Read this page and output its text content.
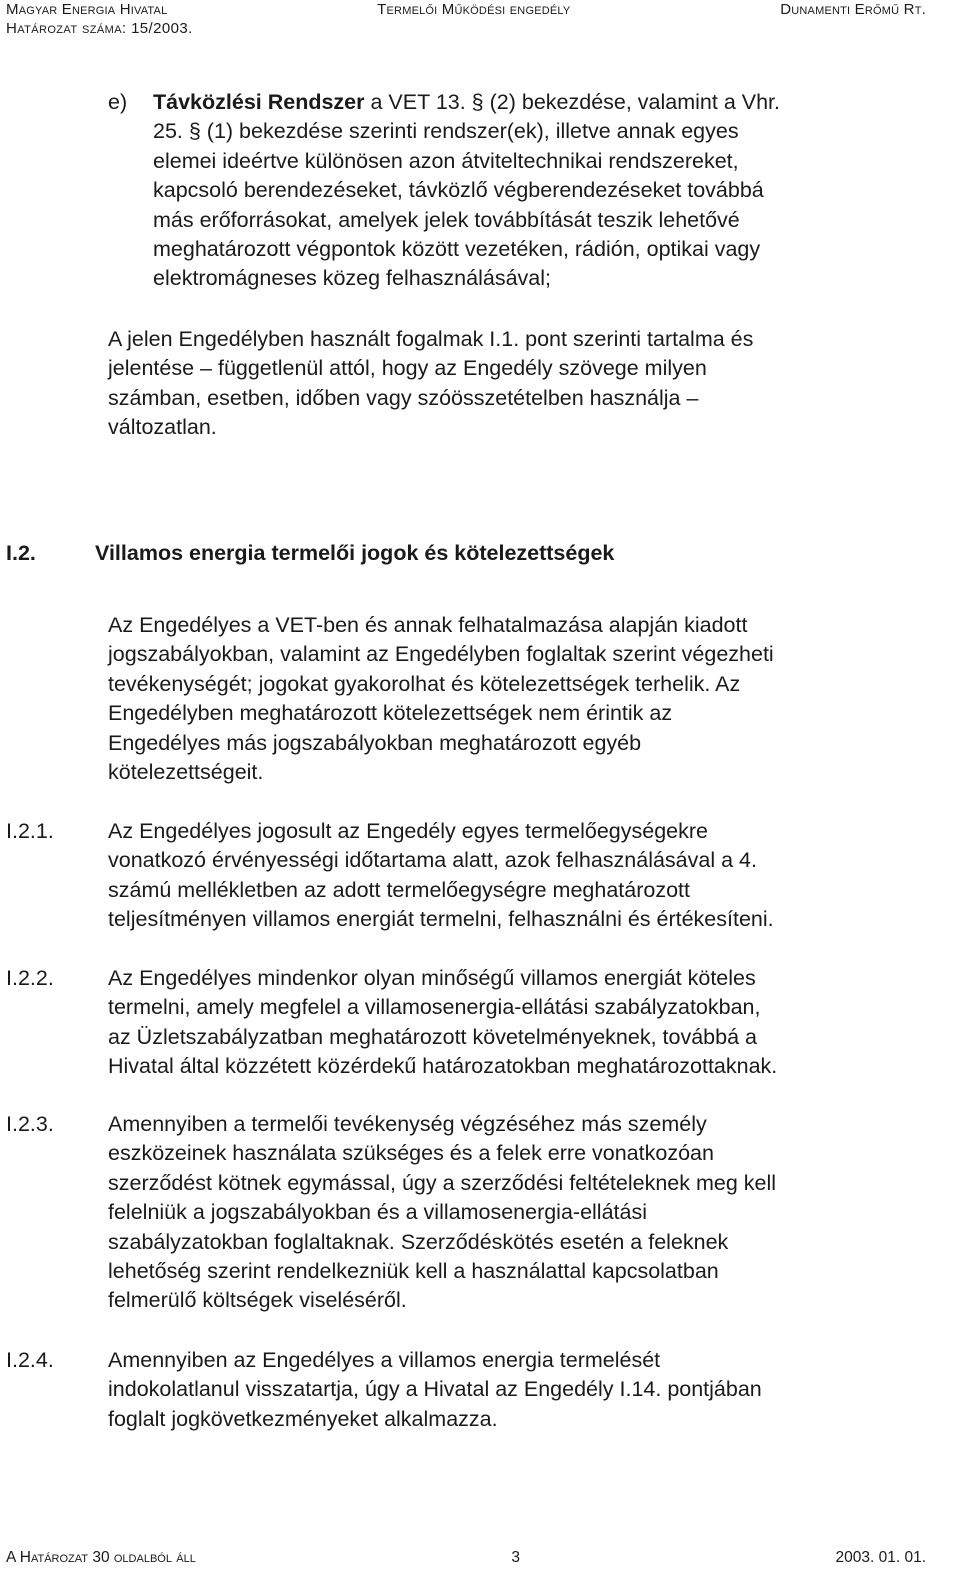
Magyar Energia Hivatal	Termelői Működési engedély	Dunamenti Erőmű Rt.
Határozat száma: 15/2003.
e) Távközlési Rendszer a VET 13. § (2) bekezdése, valamint a Vhr.
25. § (1) bekezdése szerinti rendszer(ek), illetve annak egyes
elemei ideértve különösen azon átviteltechnikai rendszereket,
kapcsoló berendezéseket, távközlő végberendezéseket továbbá
más erőforrásokat, amelyek jelek továbbítását teszik lehetővé
meghatározott végpontok között vezetéken, rádión, optikai vagy
elektromágneses közeg felhasználásával;
A jelen Engedélyben használt fogalmak I.1. pont szerinti tartalma és
jelentése – függetlenül attól, hogy az Engedély szövege milyen
számban, esetben, időben vagy szóösszetételben használja –
változatlan.
I.2.	Villamos energia termelői jogok és kötelezettségek
Az Engedélyes a VET-ben és annak felhatalmazása alapján kiadott
jogszabályokban, valamint az Engedélyben foglaltak szerint végezheti
tevékenységét; jogokat gyakorolhat és kötelezettségek terhelik. Az
Engedélyben meghatározott kötelezettségek nem érintik az
Engedélyes más jogszabályokban meghatározott egyéb
kötelezettségeit.
I.2.1.	Az Engedélyes jogosult az Engedély egyes termelőegységekre
vonatkozó érvényességi időtartama alatt, azok felhasználásával a 4.
számú mellékletben az adott termelőegységre meghatározott
teljesítményen villamos energiát termelni, felhasználni és értékesíteni.
I.2.2.	Az Engedélyes mindenkor olyan minőségű villamos energiát köteles
termelni, amely megfelel a villamosenergia-ellátási szabályzatokban,
az Üzletszabályzatban meghatározott követelményeknek, továbbá a
Hivatal által közzétett közérdekű határozatokban meghatározottaknak.
I.2.3.	Amennyiben a termelői tevékenység végzéséhez más személy
eszközeinek használata szükséges és a felek erre vonatkozóan
szerződést kötnek egymással, úgy a szerződési feltételeknek meg kell
felelniük a jogszabályokban és a villamosenergia-ellátási
szabályzatokban foglaltaknak. Szerződéskötés esetén a feleknek
lehetőség szerint rendelkezniük kell a használattal kapcsolatban
felmerülő költségek viseléséről.
I.2.4.	Amennyiben az Engedélyes a villamos energia termelését
indokolatlanul visszatartja, úgy a Hivatal az Engedély I.14. pontjában
foglalt jogkövetkezményeket alkalmazza.
A Határozat 30 oldalból áll	3	2003. 01. 01.
